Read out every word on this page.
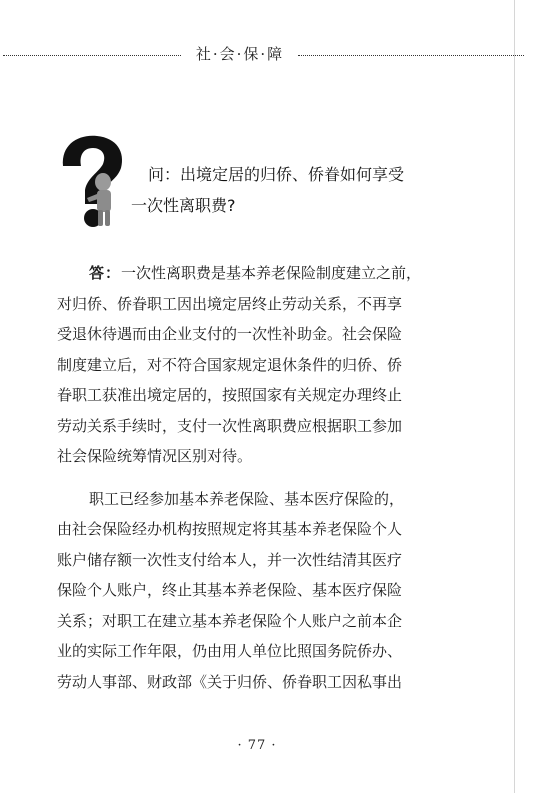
社·会·保·障
问：出境定居的归侨、侨眷如何享受
一次性离职费?
答：一次性离职费是基本养老保险制度建立之前，
对归侨、侨眷职工因出境定居终止劳动关系，不再享
受退休待遇而由企业支付的一次性补助金。社会保险
制度建立后，对不符合国家规定退休条件的归侨、侨
眷职工获准出境定居的，按照国家有关规定办理终止
劳动关系手续时，支付一次性离职费应根据职工参加
社会保险统筹情况区别对待。
职工已经参加基本养老保险、基本医疗保险的，
由社会保险经办机构按照规定将其基本养老保险个人
账户储存额一次性支付给本人，并一次性结清其医疗
保险个人账户，终止其基本养老保险、基本医疗保险
关系；对职工在建立基本养老保险个人账户之前本企
业的实际工作年限，仍由用人单位比照国务院侨办、
劳动人事部、财政部《关于归侨、侨眷职工因私事出
· 77 ·
